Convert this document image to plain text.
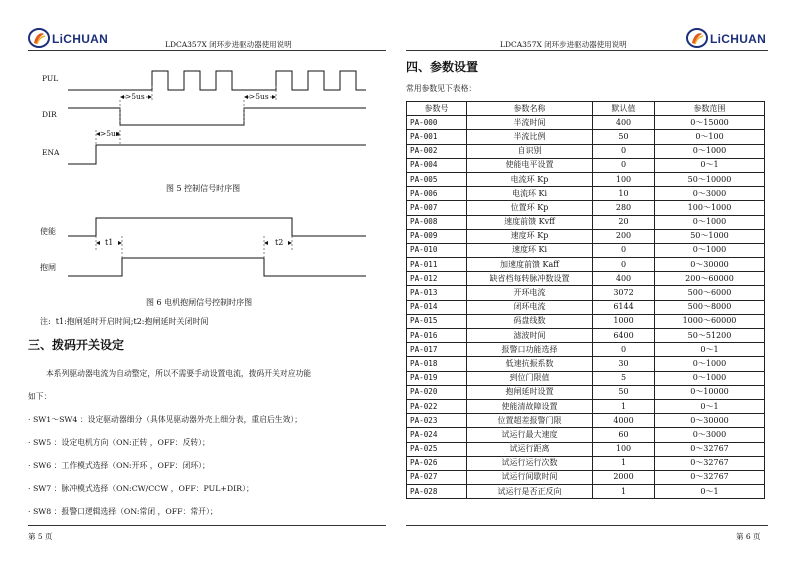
LiCHUAN	LDCA357X 闭环步进驱动器使用说明	LDCA357X 闭环步进驱动器使用说明	LiCHUAN
PUL
DIR
ENA
>5us	>5us
>5us
图 5 控制信号时序图
使能
抱闸
t1	t2
图 6 电机抱闸信号控制时序图
注:  t1:抱闸延时开启时间;t2:抱闸延时关闭时间
三、拨码开关设定
本系列驱动器电流为自动整定，所以不需要手动设置电流，拨码开关对应功能
如下：
· SW1～SW4 ：设定驱动器细分（具体见驱动器外壳上细分表，重启后生效）；
· SW5 ：设定电机方向（ON:正转 ，OFF：反转）；
· SW6 ：工作模式选择（ON:开环 ，OFF：闭环）；
· SW7 ：脉冲模式选择（ON:CW/CCW ，OFF：PUL+DIR）；
· SW8 ：报警口逻辑选择（ON:常闭 ，OFF：常开）；
第 5 页
四、参数设置
常用参数见下表格：
参数号	参数名称	默认值	参数范围
PA-000	半流时间	400	0～15000
PA-001	半流比例	50	0～100
PA-002	自识别	0	0～1000
PA-004	使能电平设置	0	0～1
PA-005	电流环 Kp	100	50～10000
PA-006	电流环 Ki	10	0～3000
PA-007	位置环 Kp	280	100～1000
PA-008	速度前馈 Kvff	20	0～1000
PA-009	速度环 Kp	200	50～1000
PA-010	速度环 Ki	0	0～1000
PA-011	加速度前馈 Kaff	0	0～30000
PA-012	缺省档每转脉冲数设置	400	200～60000
PA-013	开环电流	3072	500～6000
PA-014	闭环电流	6144	500～8000
PA-015	码盘线数	1000	1000～60000
PA-016	滤波时间	6400	50～51200
PA-017	报警口功能选择	0	0～1
PA-018	低速抗振系数	30	0～1000
PA-019	到位门限值	5	0～1000
PA-020	抱闸延时设置	50	0～10000
PA-022	使能清故障设置	1	0～1
PA-023	位置超差报警门限	4000	0～30000
PA-024	试运行最大速度	60	0～3000
PA-025	试运行距离	100	0～32767
PA-026	试运行运行次数	1	0～32767
PA-027	试运行间歇时间	2000	0～32767
PA-028	试运行是否正反向	1	0～1
第 6 页
